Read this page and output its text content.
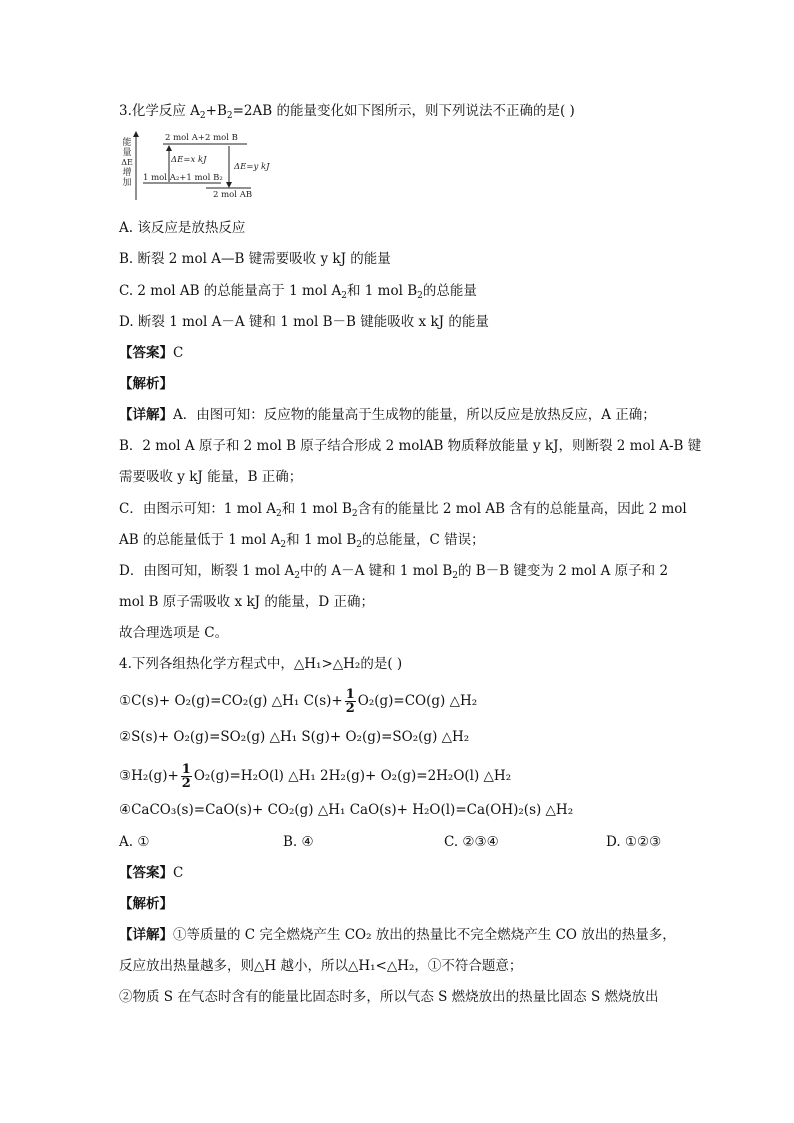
3.化学反应 $A_2+B_2=2AB$ 的能量变化如下图所示，则下列说法不正确的是( )
能
量
ΔE
增
加
2 mol A+2 mol B
ΔE=x kJ
ΔE=y kJ
1 mol A₂+1 mol B₂
2 mol AB
A. 该反应是放热反应
B. 断裂 2 mol A—B 键需要吸收 y kJ 的能量
C. 2 mol AB 的总能量高于 1 mol $A_2$和 1 mol $B_2$的总能量
D. 断裂 1 mol A－A 键和 1 mol B－B 键能吸收 x kJ 的能量
【答案】C
【解析】
【详解】A．由图可知：反应物的能量高于生成物的能量，所以反应是放热反应，A 正确；
B．2 mol A 原子和 2 mol B 原子结合形成 2 molAB 物质释放能量 y kJ，则断裂 2 mol A-B 键
需要吸收 y kJ 能量，B 正确；
C．由图示可知：1 mol $A_2$和 1 mol $B_2$含有的能量比 2 mol AB 含有的总能量高，因此 2 mol
AB 的总能量低于 1 mol $A_2$和 1 mol $B_2$的总能量，C 错误；
D．由图可知，断裂 1 mol $A_2$中的 A－A 键和 1 mol $B_2$的 B－B 键变为 2 mol A 原子和 2
mol B 原子需吸收 x kJ 的能量，D 正确；
故合理选项是 C。
4.下列各组热化学方程式中，△H₁>△H₂的是( )
①C(s)+ O₂(g)=CO₂(g) △H₁ $C(s)+ \frac{1}{2} O_2(g)=CO(g)$ △H₂
②S(s)+ O₂(g)=SO₂(g) △H₁ S(g)+ O₂(g)=SO₂(g) △H₂
③H₂(g)+ $\frac{1}{2} O_2(g)=H_2O(l)$ △H₁ 2H₂(g)+ O₂(g)=2H₂O(l) △H₂
④CaCO₃(s)=CaO(s)+ CO₂(g) △H₁ CaO(s)+ H₂O(l)=Ca(OH)₂(s) △H₂
A. ①	B. ④	C. ②③④	D. ①②③
【答案】C
【解析】
【详解】①等质量的 C 完全燃烧产生 CO₂ 放出的热量比不完全燃烧产生 CO 放出的热量多，
反应放出热量越多，则△H 越小，所以△H₁<△H₂，①不符合题意；
②物质 S 在气态时含有的能量比固态时多，所以气态 S 燃烧放出的热量比固态 S 燃烧放出
